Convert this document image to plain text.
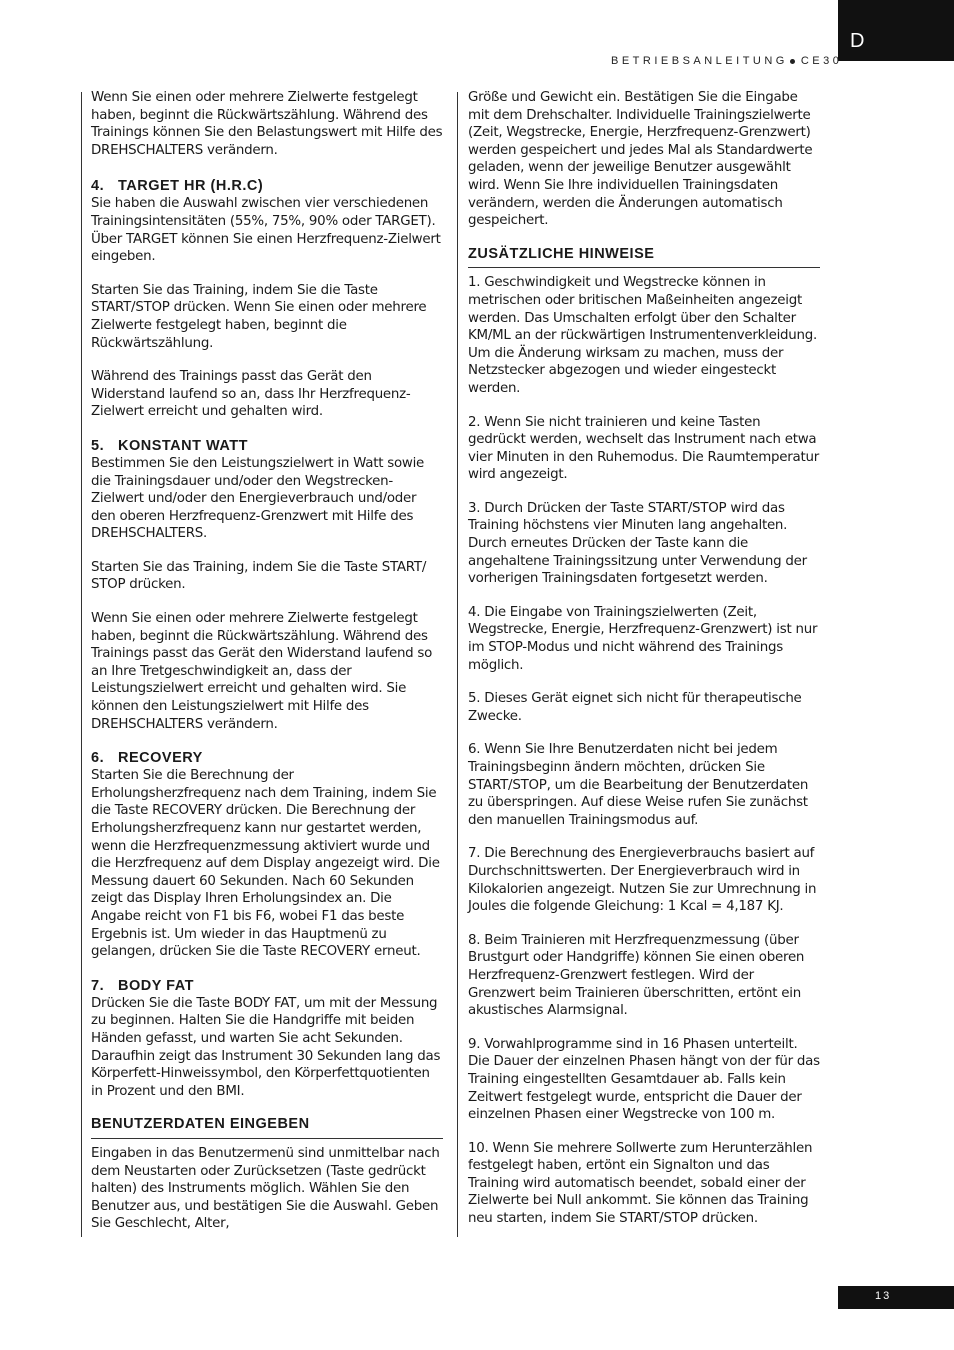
D
BETRIEBSANLEITUNG CE30

Wenn Sie einen oder mehrere Zielwerte festgelegt haben, beginnt die Rückwärtszählung. Während des Trainings können Sie den Belastungswert mit Hilfe des DREHSCHALTERS verändern.

4. TARGET HR (H.R.C)

Sie haben die Auswahl zwischen vier verschiedenen Trainingsintensitäten (55%, 75%, 90% oder TARGET). Über TARGET können Sie einen Herzfrequenz-Zielwert eingeben.

Starten Sie das Training, indem Sie die Taste START/STOP drücken. Wenn Sie einen oder mehrere Zielwerte festgelegt haben, beginnt die Rückwärtszählung.

Während des Trainings passt das Gerät den Widerstand laufend so an, dass Ihr Herzfrequenz-Zielwert erreicht und gehalten wird.

5. KONSTANT WATT

Bestimmen Sie den Leistungszielwert in Watt sowie die Trainingsdauer und/oder den Wegstrecken-Zielwert und/oder den Energieverbrauch und/oder den oberen Herzfrequenz-Grenzwert mit Hilfe des DREHSCHALTERS.

Starten Sie das Training, indem Sie die Taste START/ STOP drücken.

Wenn Sie einen oder mehrere Zielwerte festgelegt haben, beginnt die Rückwärtszählung. Während des Trainings passt das Gerät den Widerstand laufend so an Ihre Tretgeschwindigkeit an, dass der Leistungszielwert erreicht und gehalten wird. Sie können den Leistungszielwert mit Hilfe des DREHSCHALTERS verändern.

6. RECOVERY

Starten Sie die Berechnung der Erholungsherzfrequenz nach dem Training, indem Sie die Taste RECOVERY drücken. Die Berechnung der Erholungsherzfrequenz kann nur gestartet werden, wenn die Herzfrequenzmessung aktiviert wurde und die Herzfrequenz auf dem Display angezeigt wird. Die Messung dauert 60 Sekunden. Nach 60 Sekunden zeigt das Display Ihren Erholungsindex an. Die Angabe reicht von F1 bis F6, wobei F1 das beste Ergebnis ist. Um wieder in das Hauptmenü zu gelangen, drücken Sie die Taste RECOVERY erneut.

7. BODY FAT

Drücken Sie die Taste BODY FAT, um mit der Messung zu beginnen. Halten Sie die Handgriffe mit beiden Händen gefasst, und warten Sie acht Sekunden. Daraufhin zeigt das Instrument 30 Sekunden lang das Körperfett-Hinweissymbol, den Körperfettquotienten in Prozent und den BMI.

BENUTZERDATEN EINGEBEN

Eingaben in das Benutzermenü sind unmittelbar nach dem Neustarten oder Zurücksetzen (Taste gedrückt halten) des Instruments möglich. Wählen Sie den Benutzer aus, und bestätigen Sie die Auswahl. Geben Sie Geschlecht, Alter,

Größe und Gewicht ein. Bestätigen Sie die Eingabe mit dem Drehschalter. Individuelle Trainingszielwerte (Zeit, Wegstrecke, Energie, Herzfrequenz-Grenzwert) werden gespeichert und jedes Mal als Standardwerte geladen, wenn der jeweilige Benutzer ausgewählt wird. Wenn Sie Ihre individuellen Trainingsdaten verändern, werden die Änderungen automatisch gespeichert.

ZUSÄTZLICHE HINWEISE

1. Geschwindigkeit und Wegstrecke können in metrischen oder britischen Maßeinheiten angezeigt werden. Das Umschalten erfolgt über den Schalter KM/ML an der rückwärtigen Instrumentenverkleidung. Um die Änderung wirksam zu machen, muss der Netzstecker abgezogen und wieder eingesteckt werden.

2. Wenn Sie nicht trainieren und keine Tasten gedrückt werden, wechselt das Instrument nach etwa vier Minuten in den Ruhemodus. Die Raumtemperatur wird angezeigt.

3. Durch Drücken der Taste START/STOP wird das Training höchstens vier Minuten lang angehalten. Durch erneutes Drücken der Taste kann die angehaltene Trainingssitzung unter Verwendung der vorherigen Trainingsdaten fortgesetzt werden.

4. Die Eingabe von Trainingszielwerten (Zeit, Wegstrecke, Energie, Herzfrequenz-Grenzwert) ist nur im STOP-Modus und nicht während des Trainings möglich.

5. Dieses Gerät eignet sich nicht für therapeutische Zwecke.

6. Wenn Sie Ihre Benutzerdaten nicht bei jedem Trainingsbeginn ändern möchten, drücken Sie START/STOP, um die Bearbeitung der Benutzerdaten zu überspringen. Auf diese Weise rufen Sie zunächst den manuellen Trainingsmodus auf.

7. Die Berechnung des Energieverbrauchs basiert auf Durchschnittswerten. Der Energieverbrauch wird in Kilokalorien angezeigt. Nutzen Sie zur Umrechnung in Joules die folgende Gleichung: 1 Kcal = 4,187 KJ.

8. Beim Trainieren mit Herzfrequenzmessung (über Brustgurt oder Handgriffe) können Sie einen oberen Herzfrequenz-Grenzwert festlegen. Wird der Grenzwert beim Trainieren überschritten, ertönt ein akustisches Alarmsignal.

9. Vorwahlprogramme sind in 16 Phasen unterteilt. Die Dauer der einzelnen Phasen hängt von der für das Training eingestellten Gesamtdauer ab. Falls kein Zeitwert festgelegt wurde, entspricht die Dauer der einzelnen Phasen einer Wegstrecke von 100 m.

10. Wenn Sie mehrere Sollwerte zum Herunterzählen festgelegt haben, ertönt ein Signalton und das Training wird automatisch beendet, sobald einer der Zielwerte bei Null ankommt. Sie können das Training neu starten, indem Sie START/STOP drücken.

13
